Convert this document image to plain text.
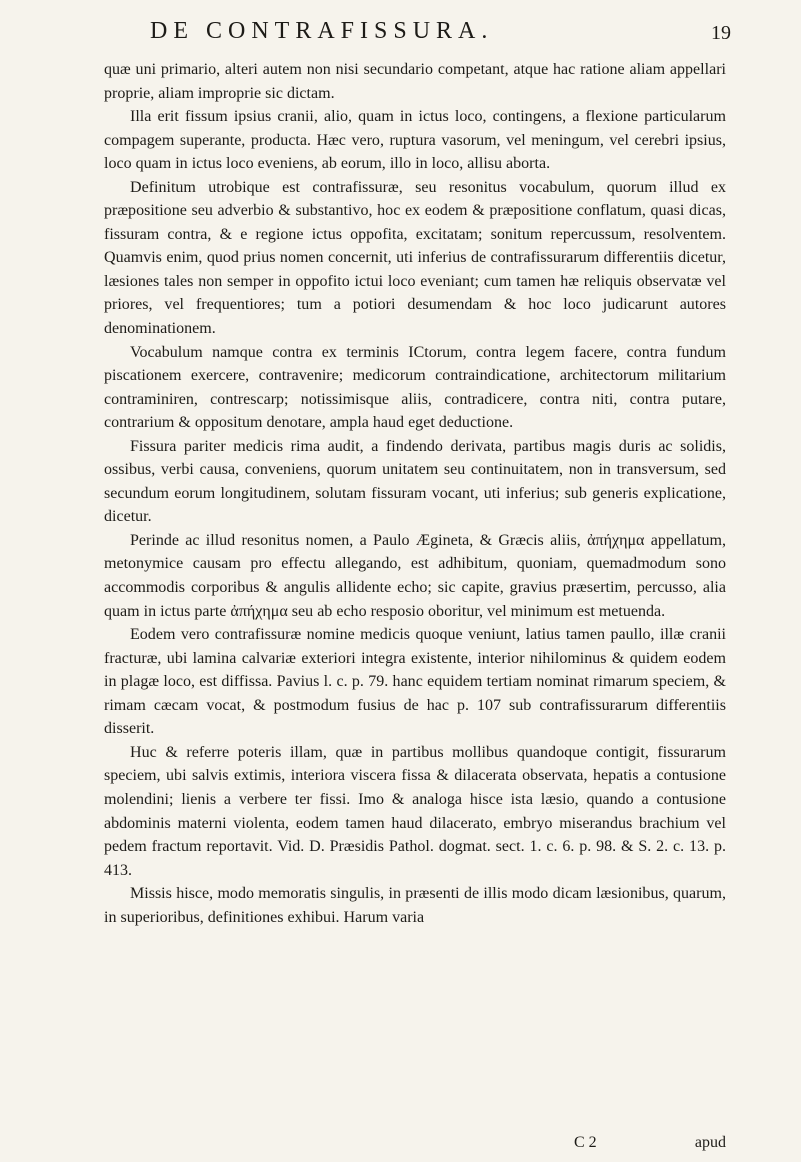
DE CONTRAFISSURA.	19

quæ uni primario, alteri autem non nisi secundario competant, atque hac ratione aliam appellari proprie, aliam improprie sic dictam.

Illa erit fissum ipsius cranii, alio, quam in ictus loco, contingens, a flexione particularum compagem superante, producta. Hæc vero, ruptura vasorum, vel meningum, vel cerebri ipsius, loco quam in ictus loco eveniens, ab eorum, illo in loco, allisu aborta.

Definitum utrobique est contrafissuræ, seu resonitus vocabulum, quorum illud ex præpositione seu adverbio & substantivo, hoc ex eodem & præpositione conflatum, quasi dicas, fissuram contra, & e regione ictus oppofita, excitatam; sonitum repercussum, resolventem. Quamvis enim, quod prius nomen concernit, uti inferius de contrafissurarum differentiis dicetur, læsiones tales non semper in oppofito ictui loco eveniant; cum tamen hæ reliquis observatæ vel priores, vel frequentiores; tum a potiori desumendam & hoc loco judicarunt autores denominationem.

Vocabulum namque contra ex terminis ICtorum, contra legem facere, contra fundum piscationem exercere, contravenire; medicorum contraindicatione, architectorum militarium contraminiren, contrescarp; notissimisque aliis, contradicere, contra niti, contra putare, contrarium & oppositum denotare, ampla haud eget deductione.

Fissura pariter medicis rima audit, a findendo derivata, partibus magis duris ac solidis, ossibus, verbi causa, conveniens, quorum unitatem seu continuitatem, non in transversum, sed secundum eorum longitudinem, solutam fissuram vocant, uti inferius; sub generis explicatione, dicetur.

Perinde ac illud resonitus nomen, a Paulo Ægineta, & Græcis aliis, ἀπήχημα appellatum, metonymice causam pro effectu allegando, est adhibitum, quoniam, quemadmodum sono accommodis corporibus & angulis allidente echo; sic capite, gravius præsertim, percusso, alia quam in ictus parte ἀπήχημα seu ab echo resposio oboritur, vel minimum est metuenda.

Eodem vero contrafissuræ nomine medicis quoque veniunt, latius tamen paullo, illæ cranii fracturæ, ubi lamina calvariæ exteriori integra existente, interior nihilominus & quidem eodem in plagæ loco, est diffissa. Pavius l. c. p. 79. hanc equidem tertiam nominat rimarum speciem, & rimam cæcam vocat, & postmodum fusius de hac p. 107 sub contrafissurarum differentiis disserit.

Huc & referre poteris illam, quæ in partibus mollibus quandoque contigit, fissurarum speciem, ubi salvis extimis, interiora viscera fissa & dilacerata observata, hepatis a contusione molendini; lienis a verbere ter fissi. Imo & analoga hisce ista læsio, quando a contusione abdominis materni violenta, eodem tamen haud dilacerato, embryo miserandus brachium vel pedem fractum reportavit. Vid. D. Præsidis Pathol. dogmat. sect. 1. c. 6. p. 98. & S. 2. c. 13. p. 413.

Missis hisce, modo memoratis singulis, in præsenti de illis modo dicam læsionibus, quarum, in superioribus, definitiones exhibui. Harum varia

C 2	apud
